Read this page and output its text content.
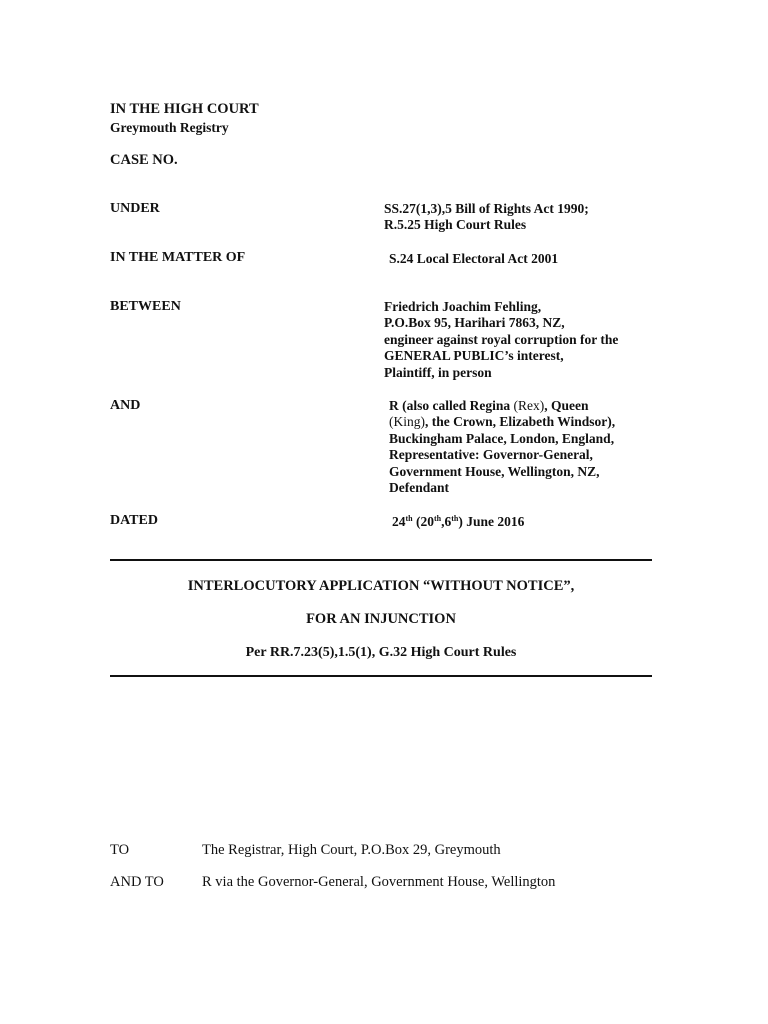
IN THE HIGH COURT
Greymouth Registry
CASE NO.
UNDER	SS.27(1,3),5 Bill of Rights Act 1990;
R.5.25 High Court Rules
IN THE MATTER OF	S.24 Local Electoral Act 2001
BETWEEN	Friedrich Joachim Fehling,
P.O.Box 95, Harihari 7863, NZ,
engineer against royal corruption for the
GENERAL PUBLIC’s interest,
Plaintiff, in person
AND	R (also called Regina (Rex), Queen
(King), the Crown, Elizabeth Windsor),
Buckingham Palace, London, England,
Representative: Governor-General,
Government House, Wellington, NZ,
Defendant
DATED	24th (20th,6th) June 2016
INTERLOCUTORY APPLICATION “WITHOUT NOTICE”,
FOR AN INJUNCTION
Per RR.7.23(5),1.5(1), G.32 High Court Rules
TO	The Registrar, High Court, P.O.Box 29, Greymouth
AND TO	R via the Governor-General, Government House, Wellington
